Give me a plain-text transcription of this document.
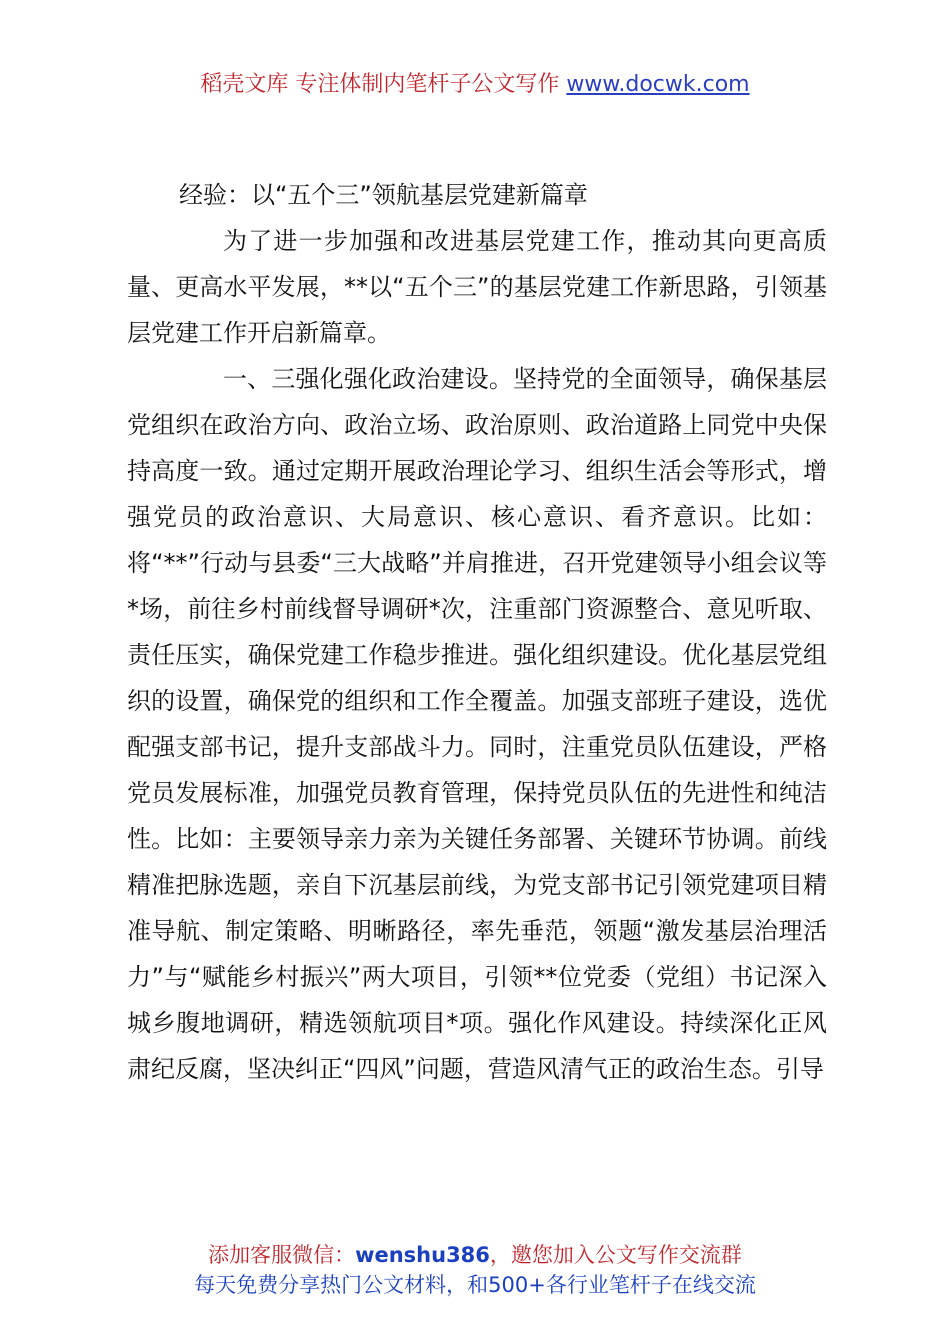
稻壳文库 专注体制内笔杆子公文写作 www.docwk.com
经验：以“五个三”领航基层党建新篇章

为了进一步加强和改进基层党建工作，推动其向更高质量、更高水平发展，**以“五个三”的基层党建工作新思路，引领基层党建工作开启新篇章。

一、三强化强化政治建设。坚持党的全面领导，确保基层党组织在政治方向、政治立场、政治原则、政治道路上同党中央保持高度一致。通过定期开展政治理论学习、组织生活会等形式，增强党员的政治意识、大局意识、核心意识、看齐意识。比如：将“**”行动与县委“三大战略”并肩推进，召开党建领导小组会议等*场，前往乡村前线督导调研*次，注重部门资源整合、意见听取、责任压实，确保党建工作稳步推进。强化组织建设。优化基层党组织的设置，确保党的组织和工作全覆盖。加强支部班子建设，选优配强支部书记，提升支部战斗力。同时，注重党员队伍建设，严格党员发展标准，加强党员教育管理，保持党员队伍的先进性和纯洁性。比如：主要领导亲力亲为关键任务部署、关键环节协调。前线精准把脉选题，亲自下沉基层前线，为党支部书记引领党建项目精准导航、制定策略、明晰路径，率先垂范，领题“激发基层治理活力”与“赋能乡村振兴”两大项目，引领**位党委（党组）书记深入城乡腹地调研，精选领航项目*项。强化作风建设。持续深化正风肃纪反腐，坚决纠正“四风”问题，营造风清气正的政治生态。引导

添加客服微信：wenshu386，邀您加入公文写作交流群
每天免费分享热门公文材料，和500+各行业笔杆子在线交流
